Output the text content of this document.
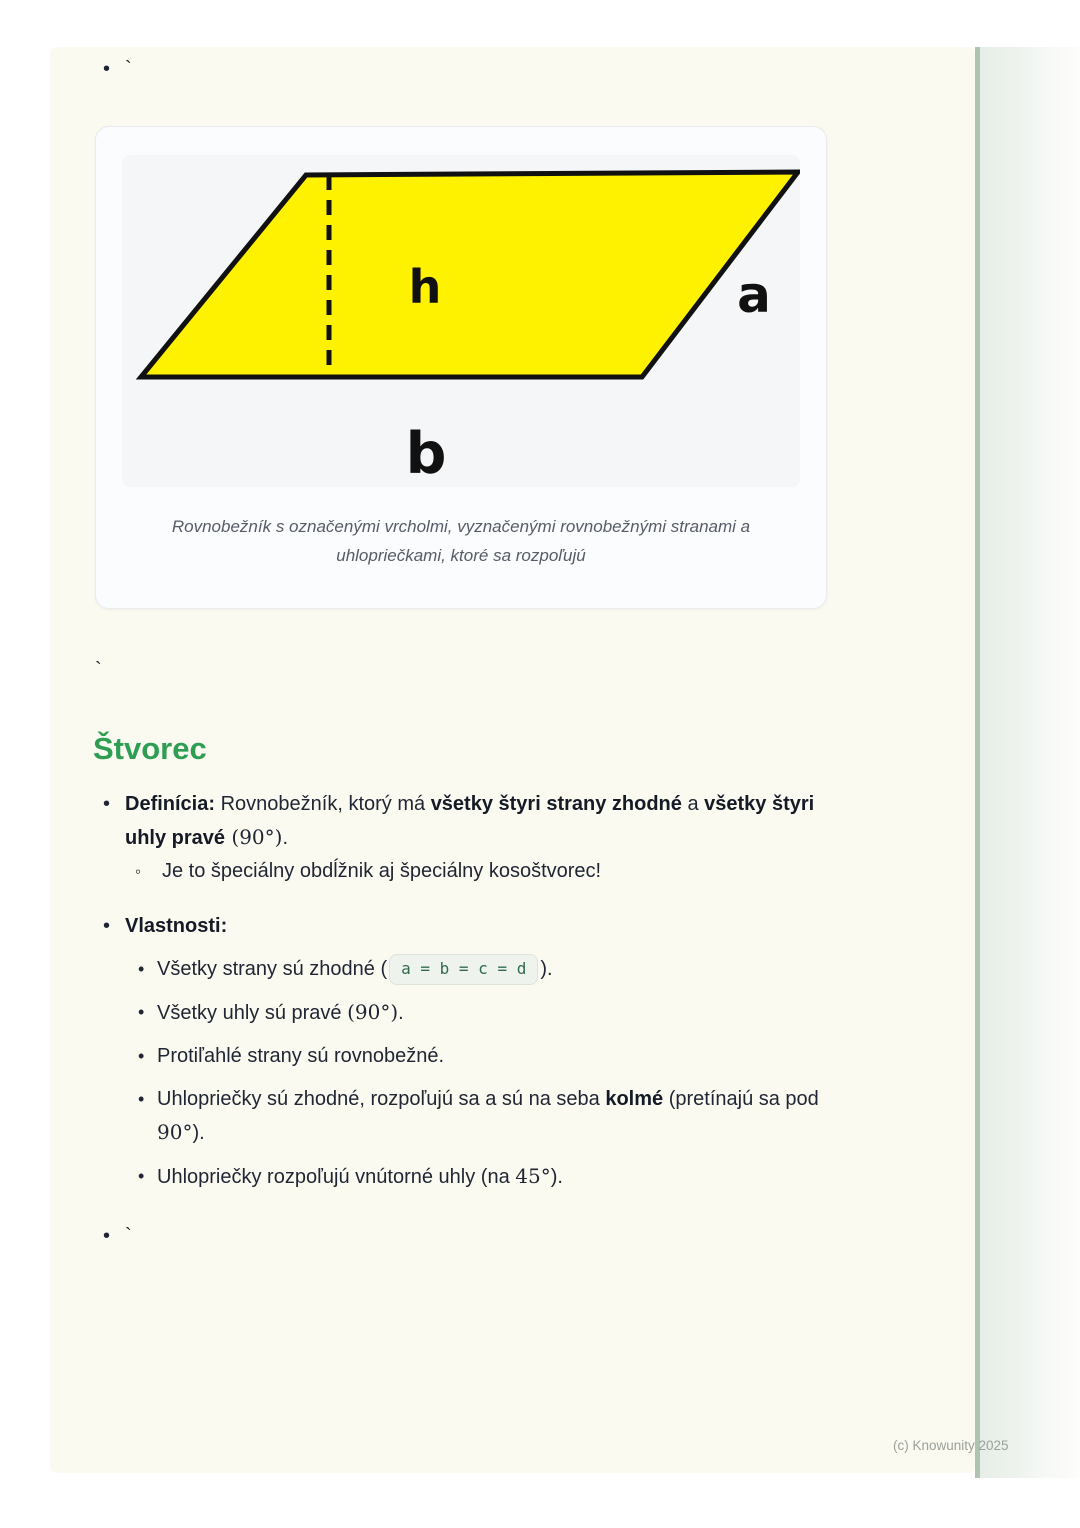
• `
h	a
b
Rovnobežník s označenými vrcholmi, vyznačenými rovnobežnými stranami a
uhlopriečkami, ktoré sa rozpoľujú
`
Štvorec
• Definícia: Rovnobežník, ktorý má všetky štyri strany zhodné a všetky štyri uhly pravé (90°).
◦	Je to špeciálny obdĺžnik aj špeciálny kosoštvorec!
• Vlastnosti:
• Všetky strany sú zhodné ( a = b = c = d ).
• Všetky uhly sú pravé (90°).
• Protiľahlé strany sú rovnobežné.
• Uhlopriečky sú zhodné, rozpoľujú sa a sú na seba kolmé (pretínajú sa pod 90°).
• Uhlopriečky rozpoľujú vnútorné uhly (na 45°).
• `
(c) Knowunity 2025
